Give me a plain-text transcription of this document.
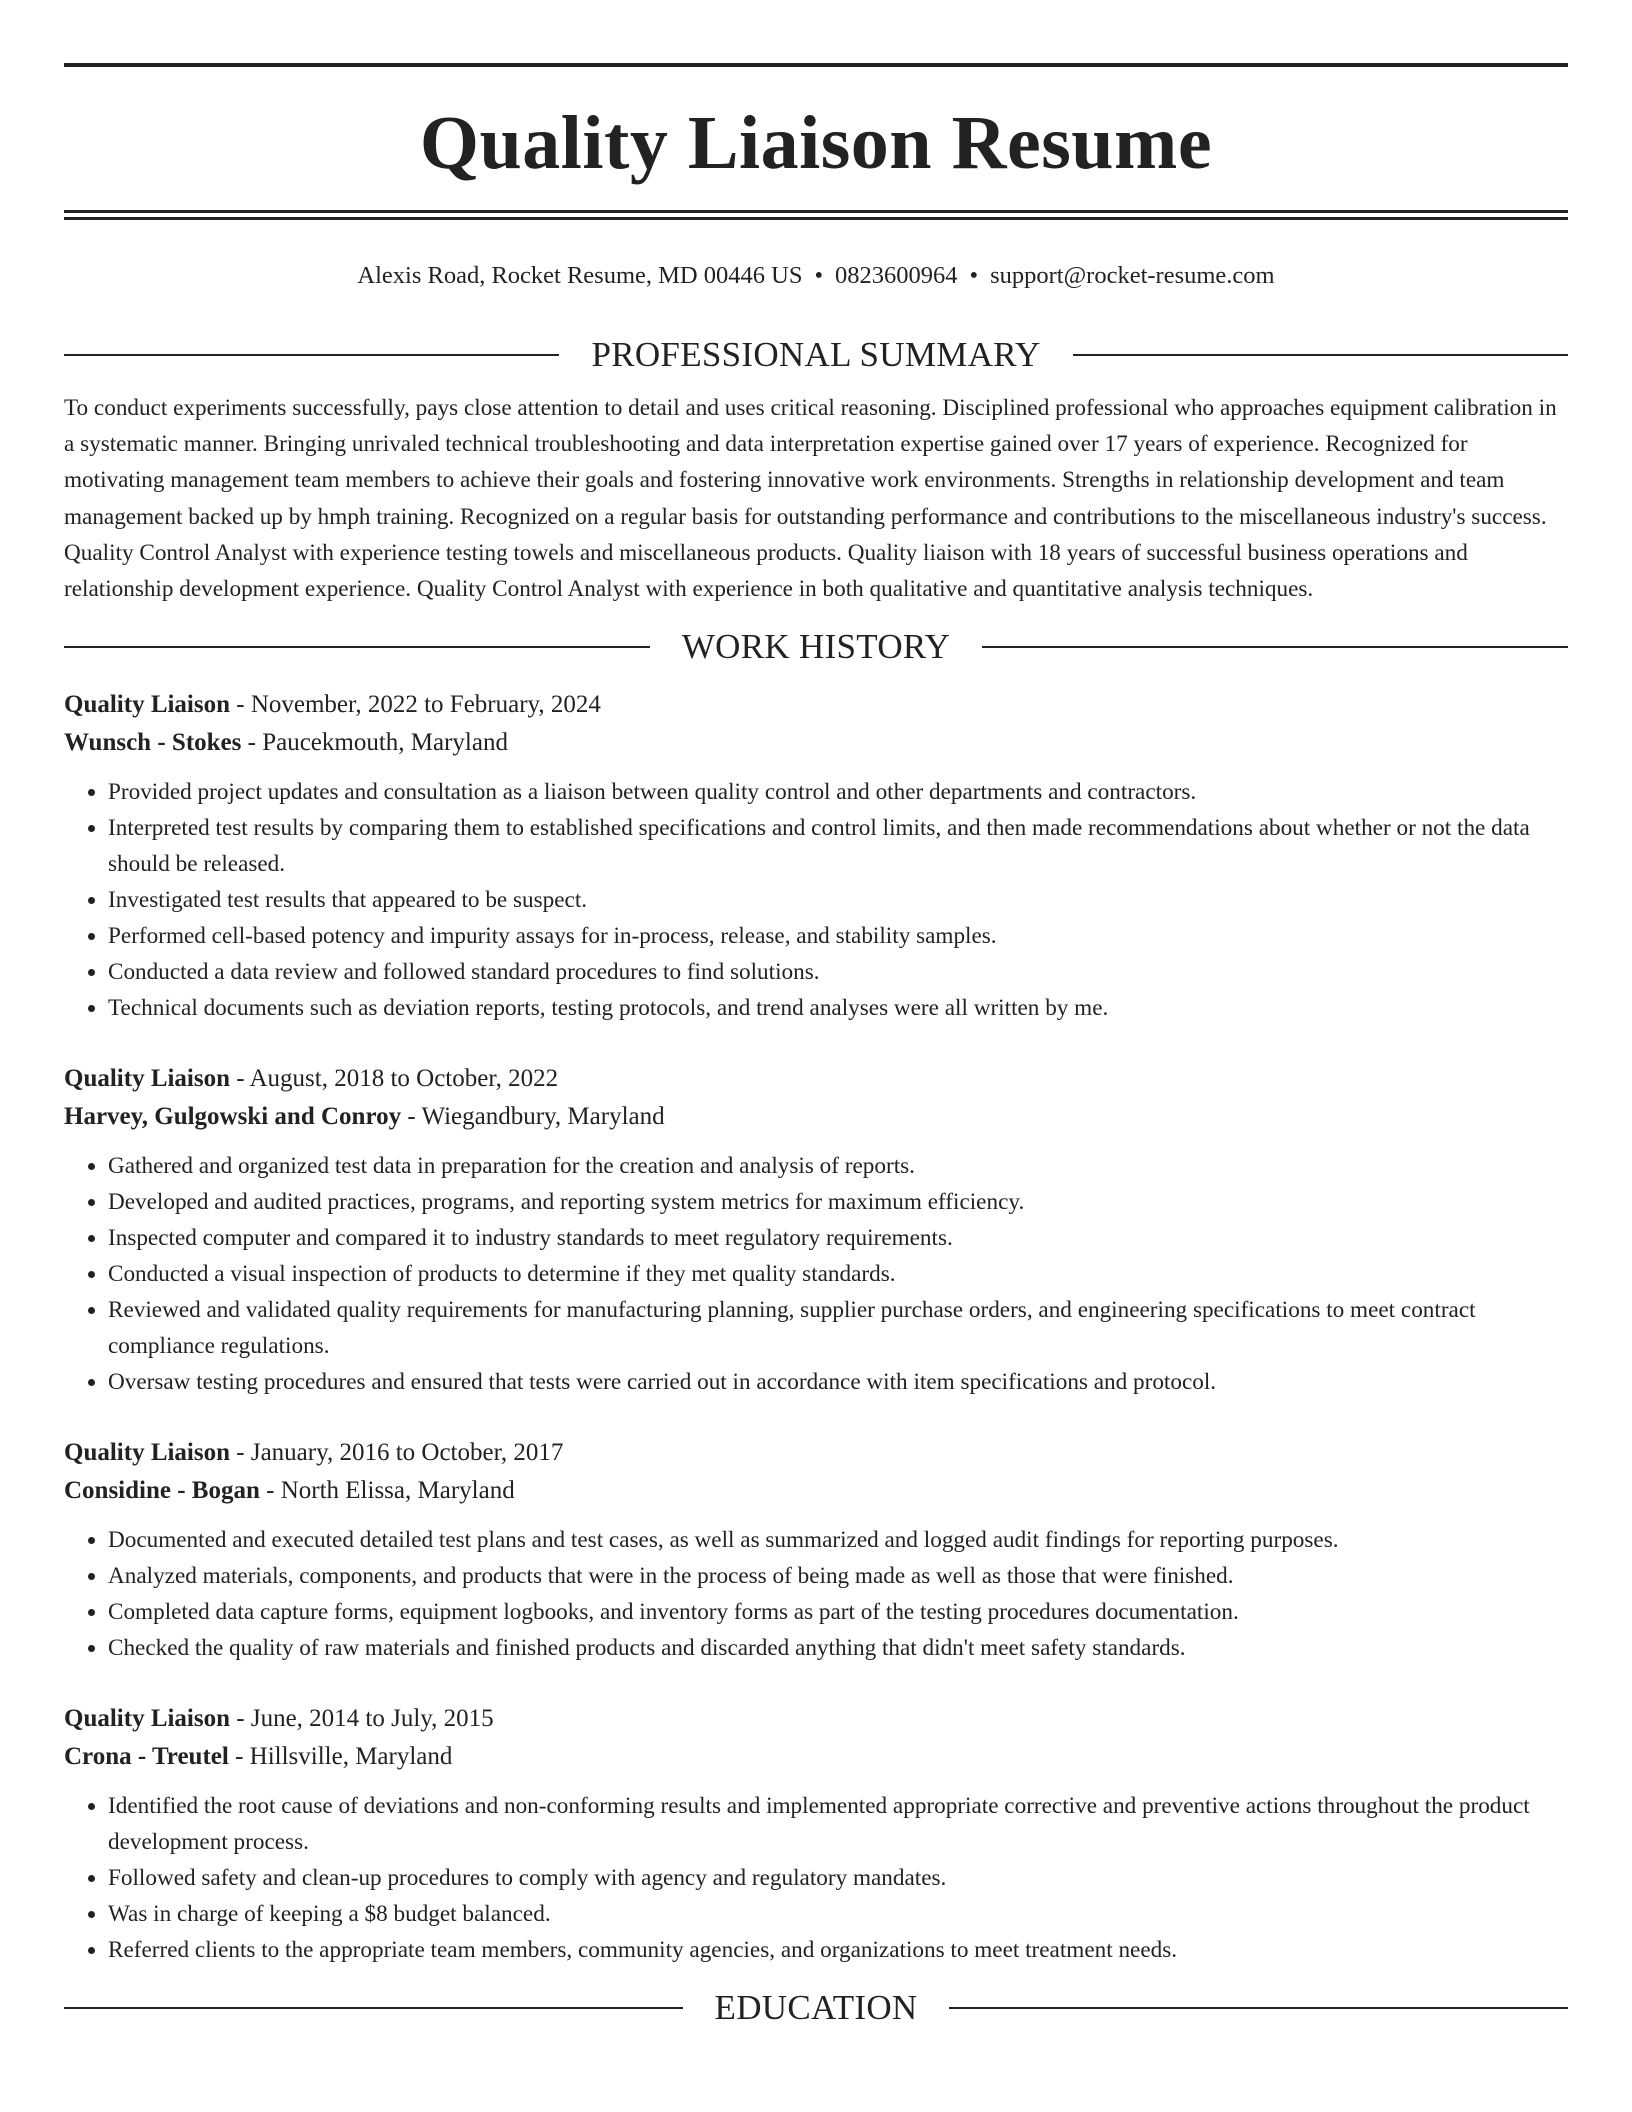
Quality Liaison Resume
Alexis Road, Rocket Resume, MD 00446 US • 0823600964 • support@rocket-resume.com
PROFESSIONAL SUMMARY
To conduct experiments successfully, pays close attention to detail and uses critical reasoning. Disciplined professional who approaches equipment calibration in a systematic manner. Bringing unrivaled technical troubleshooting and data interpretation expertise gained over 17 years of experience. Recognized for motivating management team members to achieve their goals and fostering innovative work environments. Strengths in relationship development and team management backed up by hmph training. Recognized on a regular basis for outstanding performance and contributions to the miscellaneous industry's success. Quality Control Analyst with experience testing towels and miscellaneous products. Quality liaison with 18 years of successful business operations and relationship development experience. Quality Control Analyst with experience in both qualitative and quantitative analysis techniques.
WORK HISTORY
Quality Liaison - November, 2022 to February, 2024
Wunsch - Stokes - Paucekmouth, Maryland
• Provided project updates and consultation as a liaison between quality control and other departments and contractors.
• Interpreted test results by comparing them to established specifications and control limits, and then made recommendations about whether or not the data should be released.
• Investigated test results that appeared to be suspect.
• Performed cell-based potency and impurity assays for in-process, release, and stability samples.
• Conducted a data review and followed standard procedures to find solutions.
• Technical documents such as deviation reports, testing protocols, and trend analyses were all written by me.
Quality Liaison - August, 2018 to October, 2022
Harvey, Gulgowski and Conroy - Wiegandbury, Maryland
• Gathered and organized test data in preparation for the creation and analysis of reports.
• Developed and audited practices, programs, and reporting system metrics for maximum efficiency.
• Inspected computer and compared it to industry standards to meet regulatory requirements.
• Conducted a visual inspection of products to determine if they met quality standards.
• Reviewed and validated quality requirements for manufacturing planning, supplier purchase orders, and engineering specifications to meet contract compliance regulations.
• Oversaw testing procedures and ensured that tests were carried out in accordance with item specifications and protocol.
Quality Liaison - January, 2016 to October, 2017
Considine - Bogan - North Elissa, Maryland
• Documented and executed detailed test plans and test cases, as well as summarized and logged audit findings for reporting purposes.
• Analyzed materials, components, and products that were in the process of being made as well as those that were finished.
• Completed data capture forms, equipment logbooks, and inventory forms as part of the testing procedures documentation.
• Checked the quality of raw materials and finished products and discarded anything that didn't meet safety standards.
Quality Liaison - June, 2014 to July, 2015
Crona - Treutel - Hillsville, Maryland
• Identified the root cause of deviations and non-conforming results and implemented appropriate corrective and preventive actions throughout the product development process.
• Followed safety and clean-up procedures to comply with agency and regulatory mandates.
• Was in charge of keeping a $8 budget balanced.
• Referred clients to the appropriate team members, community agencies, and organizations to meet treatment needs.
EDUCATION
